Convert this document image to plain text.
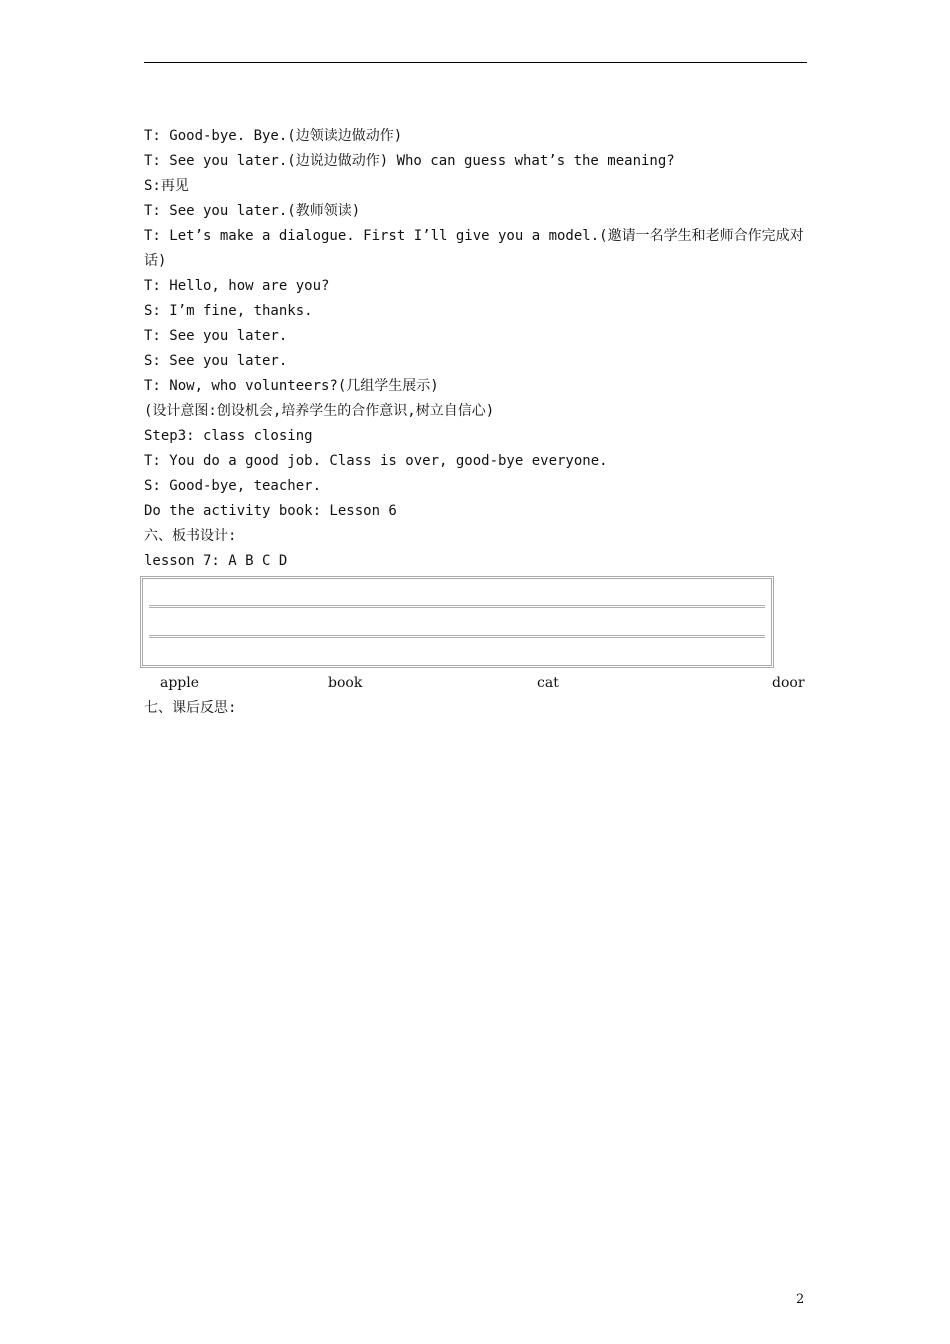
T: Good-bye. Bye.(边领读边做动作)
T: See you later.(边说边做动作) Who can guess what’s the meaning?
S:再见
T: See you later.(教师领读)
T: Let’s make a dialogue. First I’ll give you a model.(邀请一名学生和老师合作完成对话)
T: Hello, how are you?
S: I’m fine, thanks.
T: See you later.
S: See you later.
T: Now, who volunteers?(几组学生展示)
(设计意图:创设机会,培养学生的合作意识,树立自信心)
Step3: class closing
T: You do a good job. Class is over, good-bye everyone.
S: Good-bye, teacher.
Do the activity book: Lesson 6
六、板书设计:
lesson 7: A B C D
apple	book	cat	door
七、课后反思:
2
